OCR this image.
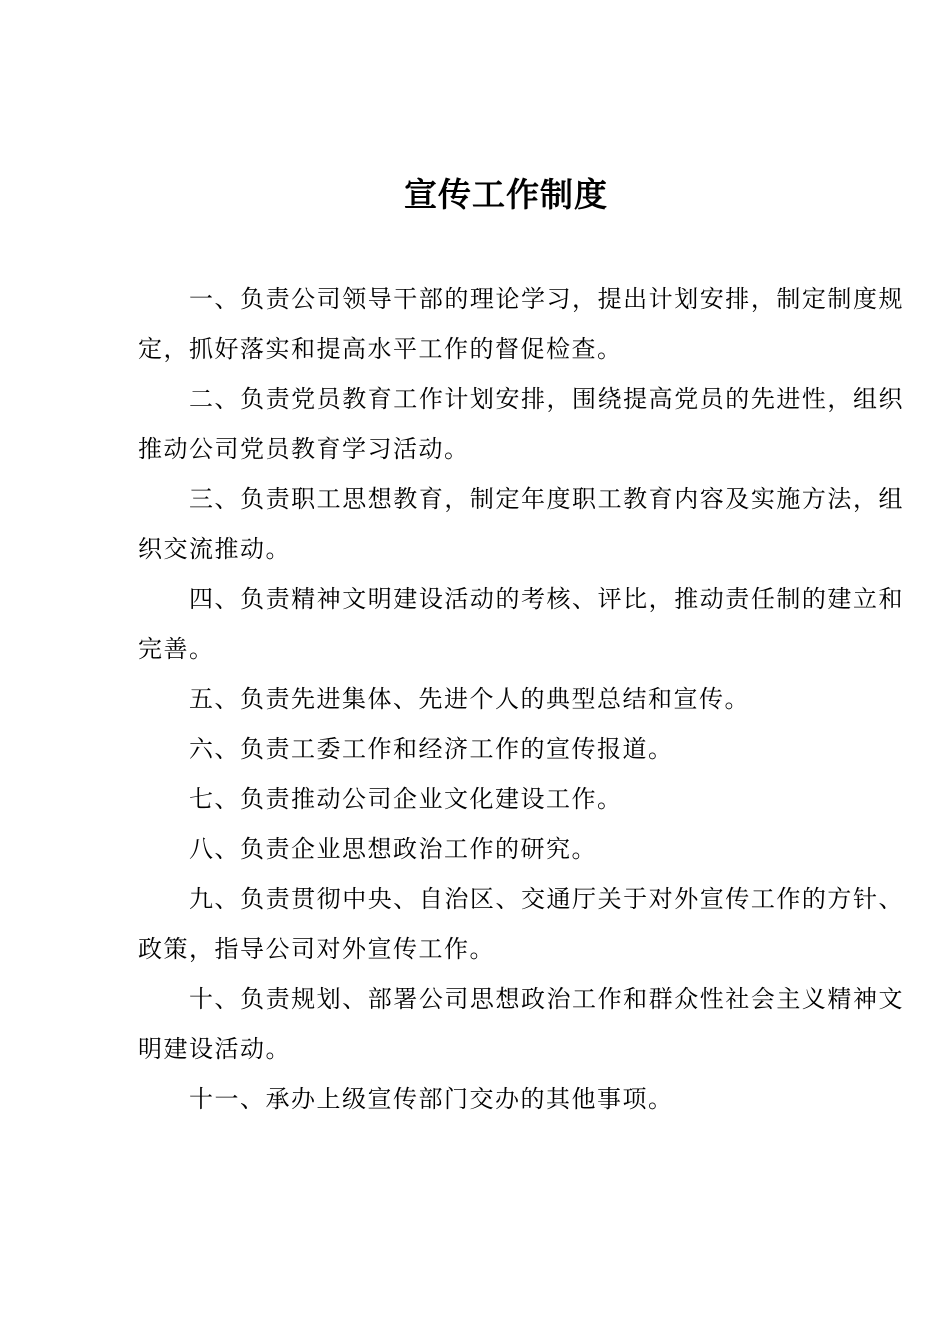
宣传工作制度

一、负责公司领导干部的理论学习，提出计划安排，制定制度规定，抓好落实和提高水平工作的督促检查。

二、负责党员教育工作计划安排，围绕提高党员的先进性，组织推动公司党员教育学习活动。

三、负责职工思想教育，制定年度职工教育内容及实施方法，组织交流推动。

四、负责精神文明建设活动的考核、评比，推动责任制的建立和完善。

五、负责先进集体、先进个人的典型总结和宣传。

六、负责工委工作和经济工作的宣传报道。

七、负责推动公司企业文化建设工作。

八、负责企业思想政治工作的研究。

九、负责贯彻中央、自治区、交通厅关于对外宣传工作的方针、政策，指导公司对外宣传工作。

十、负责规划、部署公司思想政治工作和群众性社会主义精神文明建设活动。

十一、承办上级宣传部门交办的其他事项。
